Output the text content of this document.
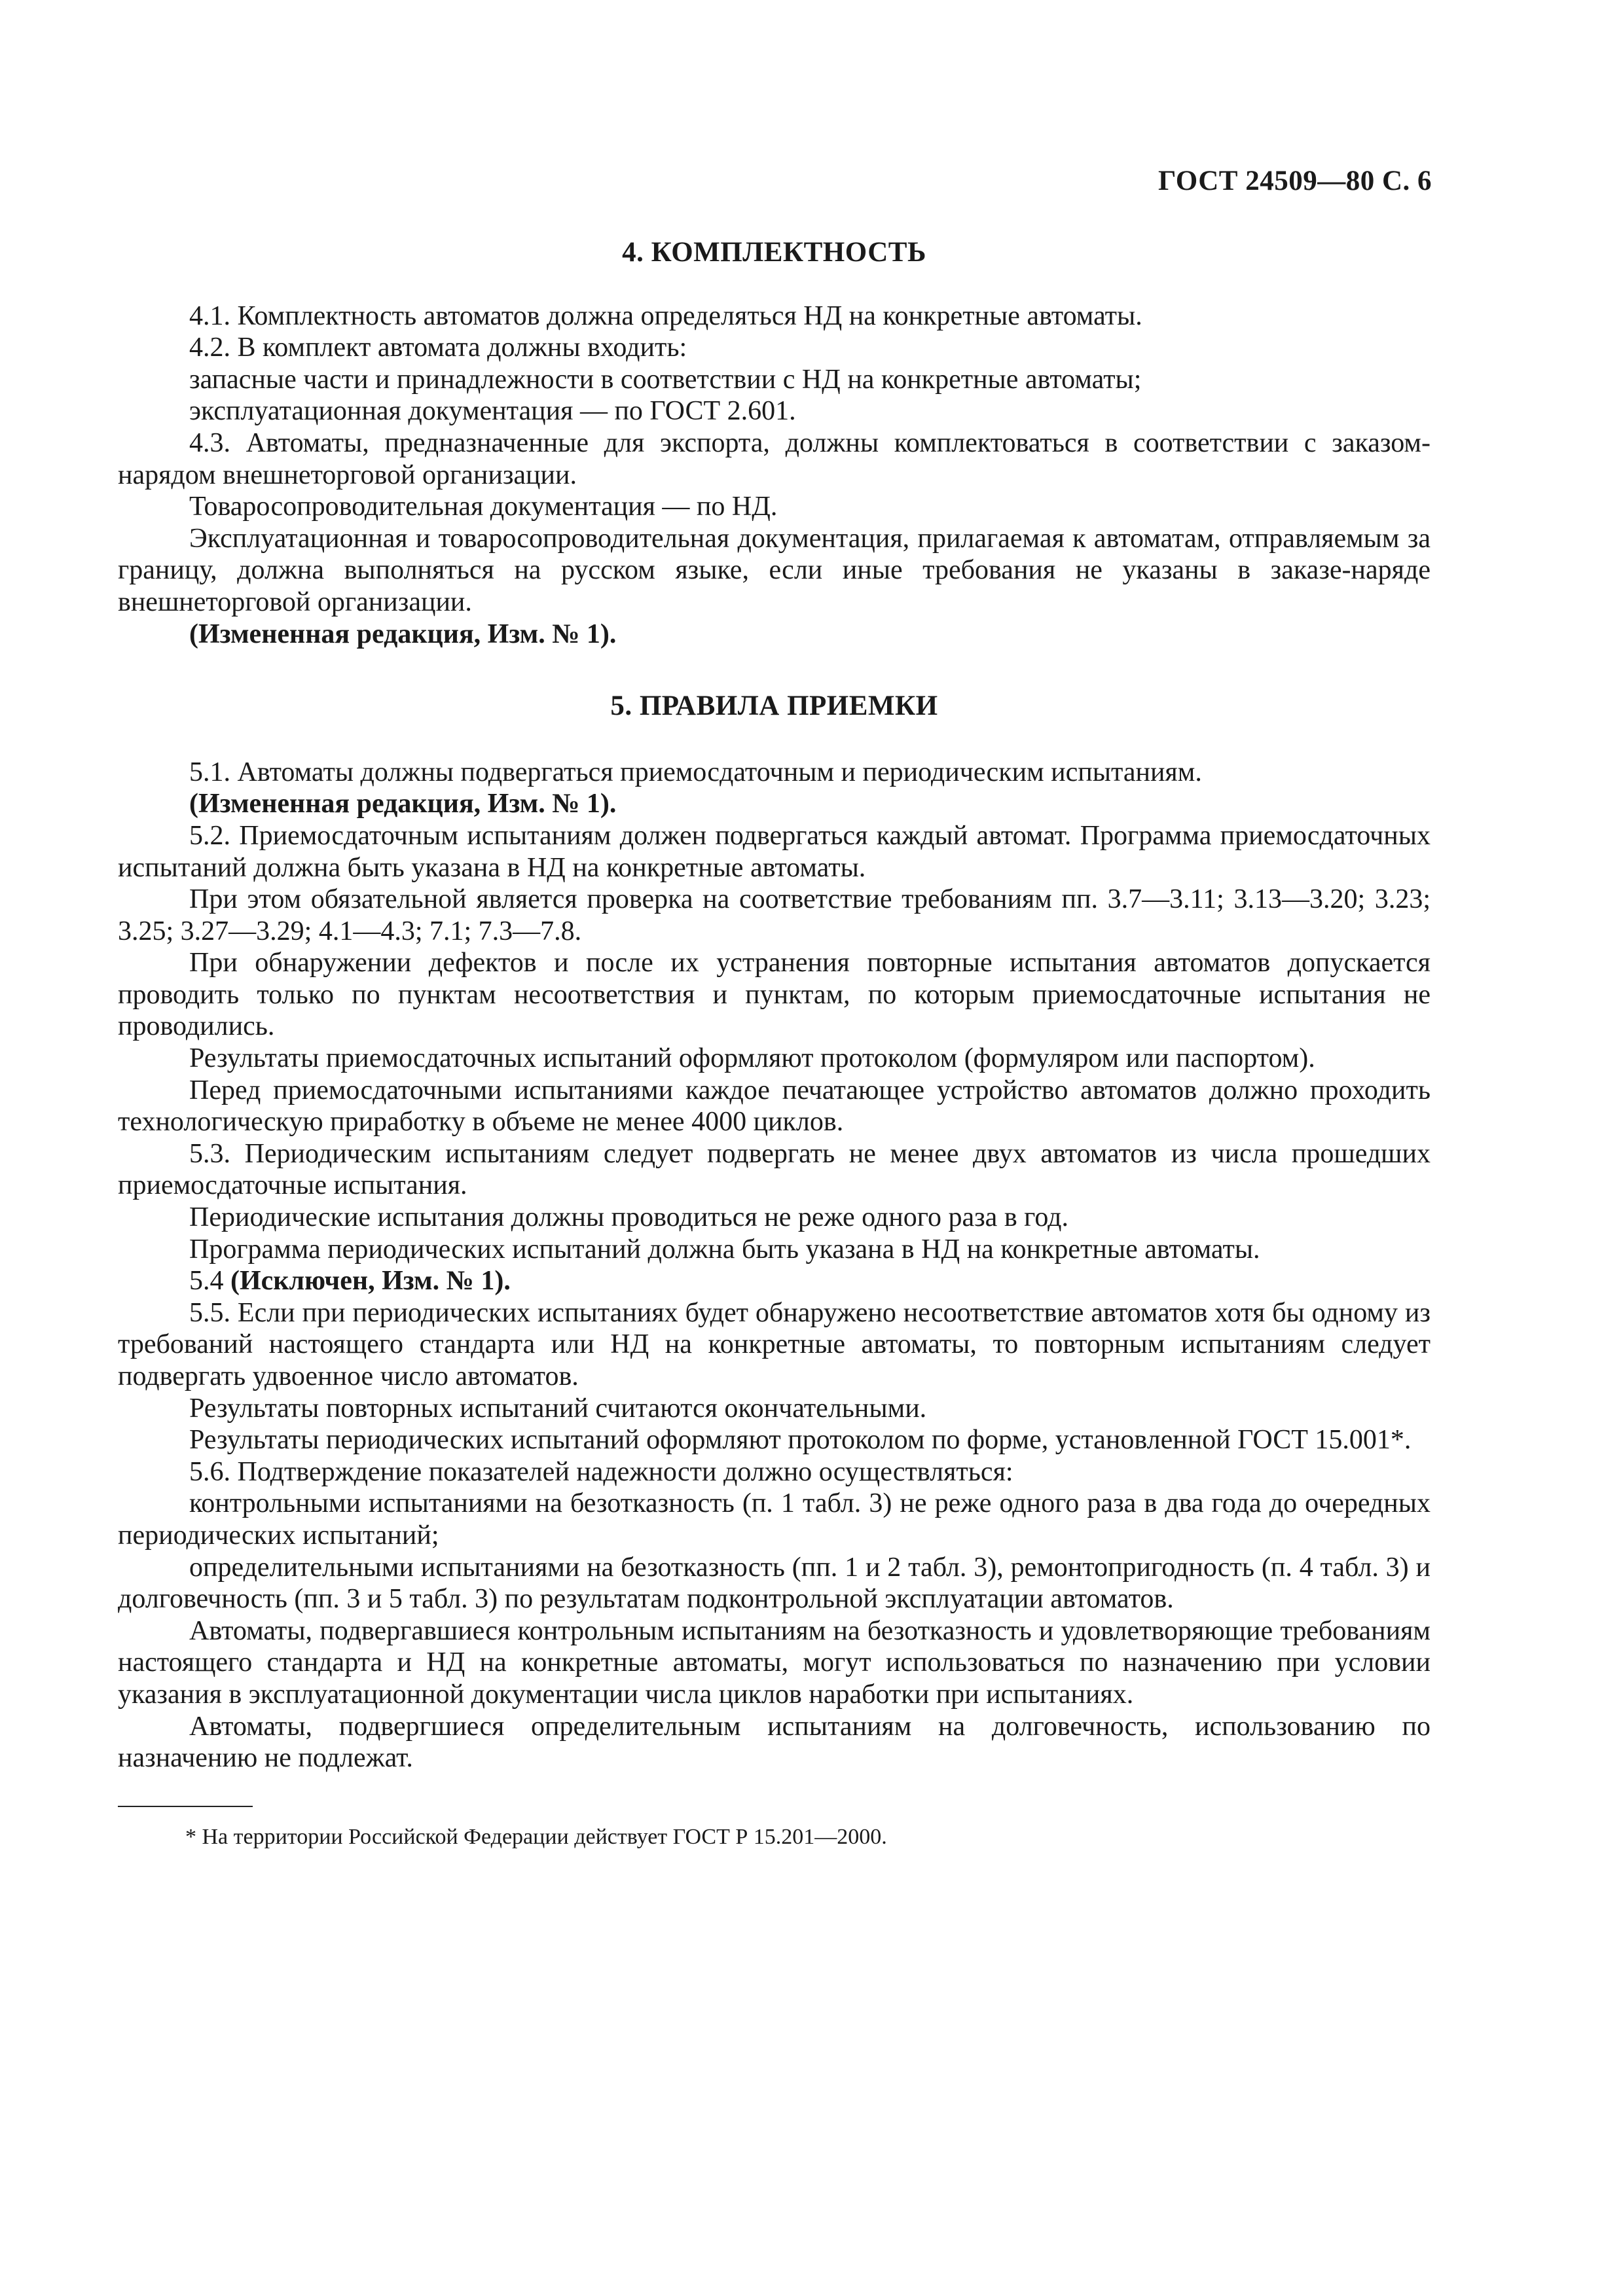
ГОСТ 24509—80 С. 6
4. КОМПЛЕКТНОСТЬ

4.1. Комплектность автоматов должна определяться НД на конкретные автоматы.

4.2. В комплект автомата должны входить:

запасные части и принадлежности в соответствии с НД на конкретные автоматы;

эксплуатационная документация — по ГОСТ 2.601.

4.3. Автоматы, предназначенные для экспорта, должны комплектоваться в соответствии с заказом-нарядом внешнеторговой организации.

Товаросопроводительная документация — по НД.

Эксплуатационная и товаросопроводительная документация, прилагаемая к автоматам, отправляемым за границу, должна выполняться на русском языке, если иные требования не указаны в заказе-наряде внешнеторговой организации.

(Измененная редакция, Изм. № 1).

5. ПРАВИЛА ПРИЕМКИ

5.1. Автоматы должны подвергаться приемосдаточным и периодическим испытаниям.

(Измененная редакция, Изм. № 1).

5.2. Приемосдаточным испытаниям должен подвергаться каждый автомат. Программа приемосдаточных испытаний должна быть указана в НД на конкретные автоматы.

При этом обязательной является проверка на соответствие требованиям пп. 3.7—3.11; 3.13—3.20; 3.23; 3.25; 3.27—3.29; 4.1—4.3; 7.1; 7.3—7.8.

При обнаружении дефектов и после их устранения повторные испытания автоматов допускается проводить только по пунктам несоответствия и пунктам, по которым приемосдаточные испытания не проводились.

Результаты приемосдаточных испытаний оформляют протоколом (формуляром или паспортом).

Перед приемосдаточными испытаниями каждое печатающее устройство автоматов должно проходить технологическую приработку в объеме не менее 4000 циклов.

5.3. Периодическим испытаниям следует подвергать не менее двух автоматов из числа прошедших приемосдаточные испытания.

Периодические испытания должны проводиться не реже одного раза в год.

Программа периодических испытаний должна быть указана в НД на конкретные автоматы.

5.4 (Исключен, Изм. № 1).

5.5. Если при периодических испытаниях будет обнаружено несоответствие автоматов хотя бы одному из требований настоящего стандарта или НД на конкретные автоматы, то повторным испытаниям следует подвергать удвоенное число автоматов.

Результаты повторных испытаний считаются окончательными.

Результаты периодических испытаний оформляют протоколом по форме, установленной ГОСТ 15.001*.

5.6. Подтверждение показателей надежности должно осуществляться:

контрольными испытаниями на безотказность (п. 1 табл. 3) не реже одного раза в два года до очередных периодических испытаний;

определительными испытаниями на безотказность (пп. 1 и 2 табл. 3), ремонтопригодность (п. 4 табл. 3) и долговечность (пп. 3 и 5 табл. 3) по результатам подконтрольной эксплуатации автоматов.

Автоматы, подвергавшиеся контрольным испытаниям на безотказность и удовлетворяющие требованиям настоящего стандарта и НД на конкретные автоматы, могут использоваться по назначению при условии указания в эксплуатационной документации числа циклов наработки при испытаниях.

Автоматы, подвергшиеся определительным испытаниям на долговечность, использованию по назначению не подлежат.

* На территории Российской Федерации действует ГОСТ Р 15.201—2000.
